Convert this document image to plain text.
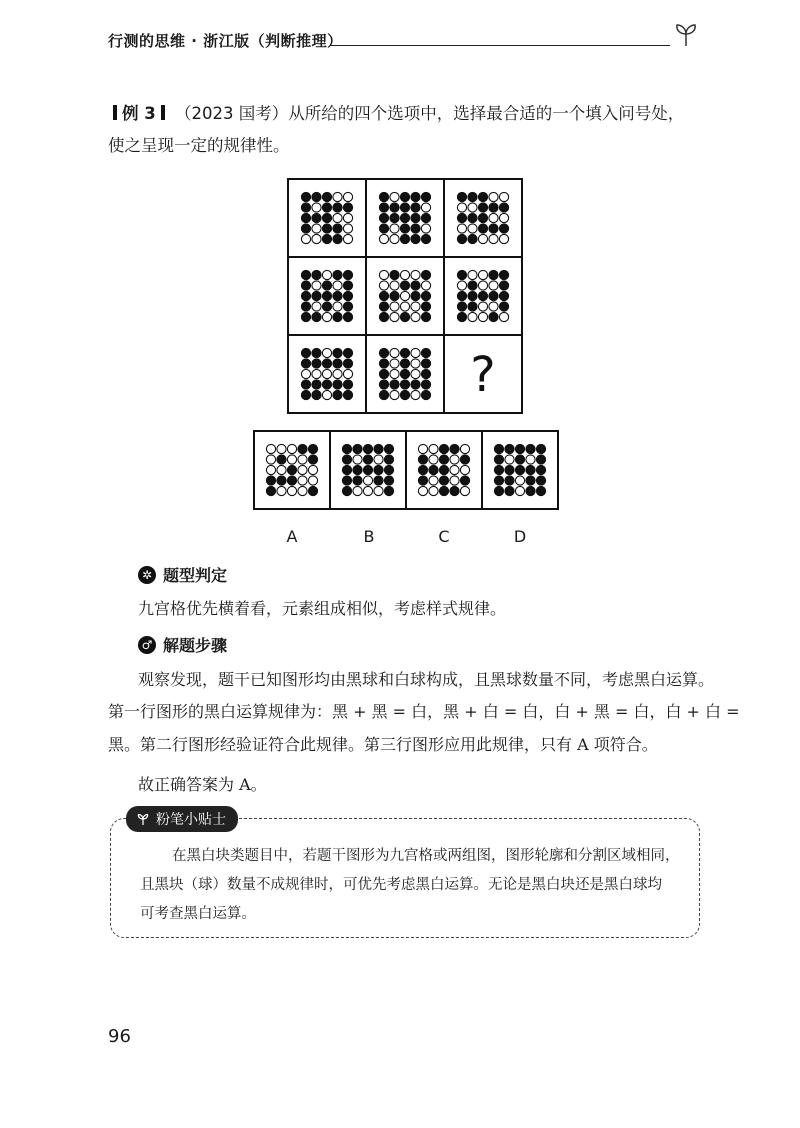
行测的思维 · 浙江版（判断推理）
例 3 （2023 国考）从所给的四个选项中，选择最合适的一个填入问号处，
使之呈现一定的规律性。
?
A	B	C	D
✲ 题型判定
九宫格优先横着看，元素组成相似，考虑样式规律。
♂ 解题步骤
观察发现，题干已知图形均由黑球和白球构成，且黑球数量不同，考虑黑白运算。
第一行图形的黑白运算规律为：黑 + 黑 = 白，黑 + 白 = 白，白 + 黑 = 白，白 + 白 =
黑。第二行图形经验证符合此规律。第三行图形应用此规律，只有 A 项符合。
故正确答案为 A。
粉笔小贴士
在黑白块类题目中，若题干图形为九宫格或两组图，图形轮廓和分割区域相同，
且黑块（球）数量不成规律时，可优先考虑黑白运算。无论是黑白块还是黑白球均
可考查黑白运算。
96
